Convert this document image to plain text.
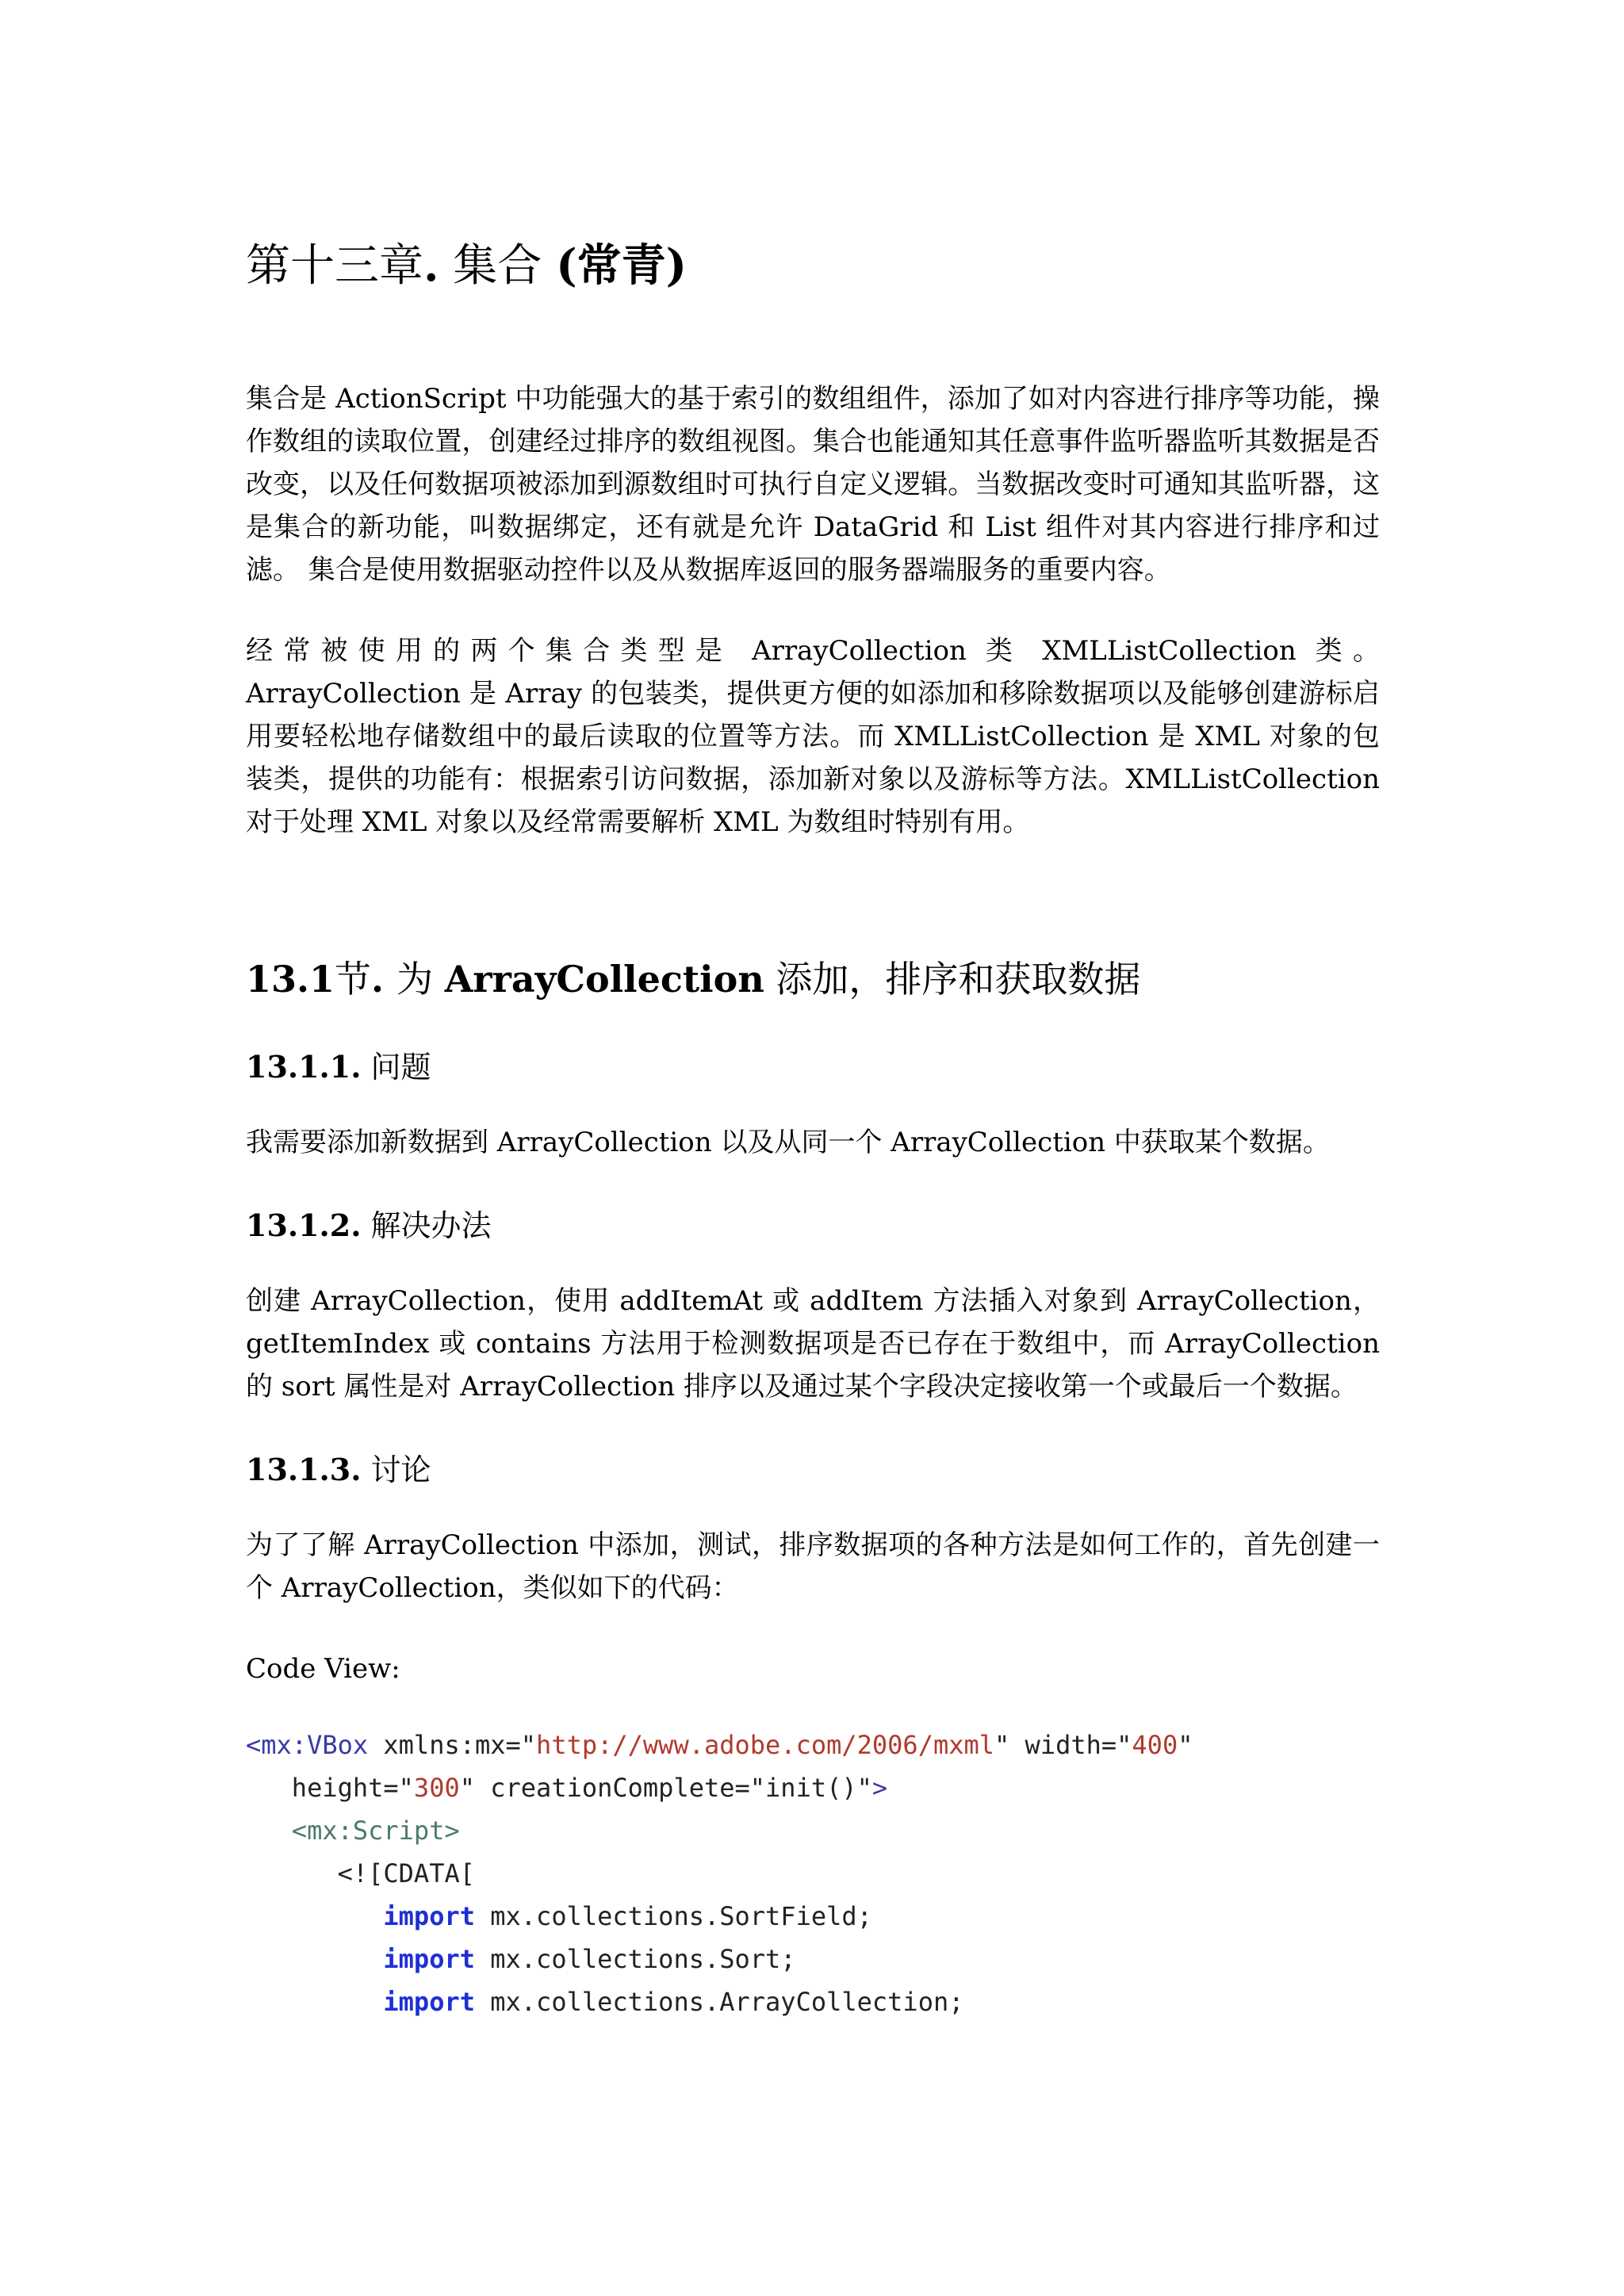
第十三章. 集合 (常青)

集合是 ActionScript 中功能强大的基于索引的数组组件，添加了如对内容进行排序等功能，操作数组的读取位置，创建经过排序的数组视图。集合也能通知其任意事件监听器监听其数据是否改变，以及任何数据项被添加到源数组时可执行自定义逻辑。当数据改变时可通知其监听器，这是集合的新功能，叫数据绑定，还有就是允许 DataGrid 和 List 组件对其内容进行排序和过滤。 集合是使用数据驱动控件以及从数据库返回的服务器端服务的重要内容。

经常被使用的两个集合类型是 ArrayCollection 类 XMLListCollection 类。ArrayCollection 是 Array 的包装类，提供更方便的如添加和移除数据项以及能够创建游标启用要轻松地存储数组中的最后读取的位置等方法。而 XMLListCollection 是 XML 对象的包装类，提供的功能有：根据索引访问数据，添加新对象以及游标等方法。XMLListCollection 对于处理 XML 对象以及经常需要解析 XML 为数组时特别有用。

13.1节. 为 ArrayCollection 添加，排序和获取数据
13.1.1. 问题

我需要添加新数据到 ArrayCollection 以及从同一个 ArrayCollection 中获取某个数据。

13.1.2. 解决办法

创建 ArrayCollection，使用 addItemAt 或 addItem 方法插入对象到 ArrayCollection，getItemIndex 或 contains 方法用于检测数据项是否已存在于数组中，而 ArrayCollection 的 sort 属性是对 ArrayCollection 排序以及通过某个字段决定接收第一个或最后一个数据。

13.1.3. 讨论

为了了解 ArrayCollection 中添加，测试，排序数据项的各种方法是如何工作的，首先创建一个 ArrayCollection，类似如下的代码：

Code View:

<mx:VBox xmlns:mx="http://www.adobe.com/2006/mxml" width="400"
height="300" creationComplete="init()">
<mx:Script>
<![CDATA[
import mx.collections.SortField;
import mx.collections.Sort;
import mx.collections.ArrayCollection;
